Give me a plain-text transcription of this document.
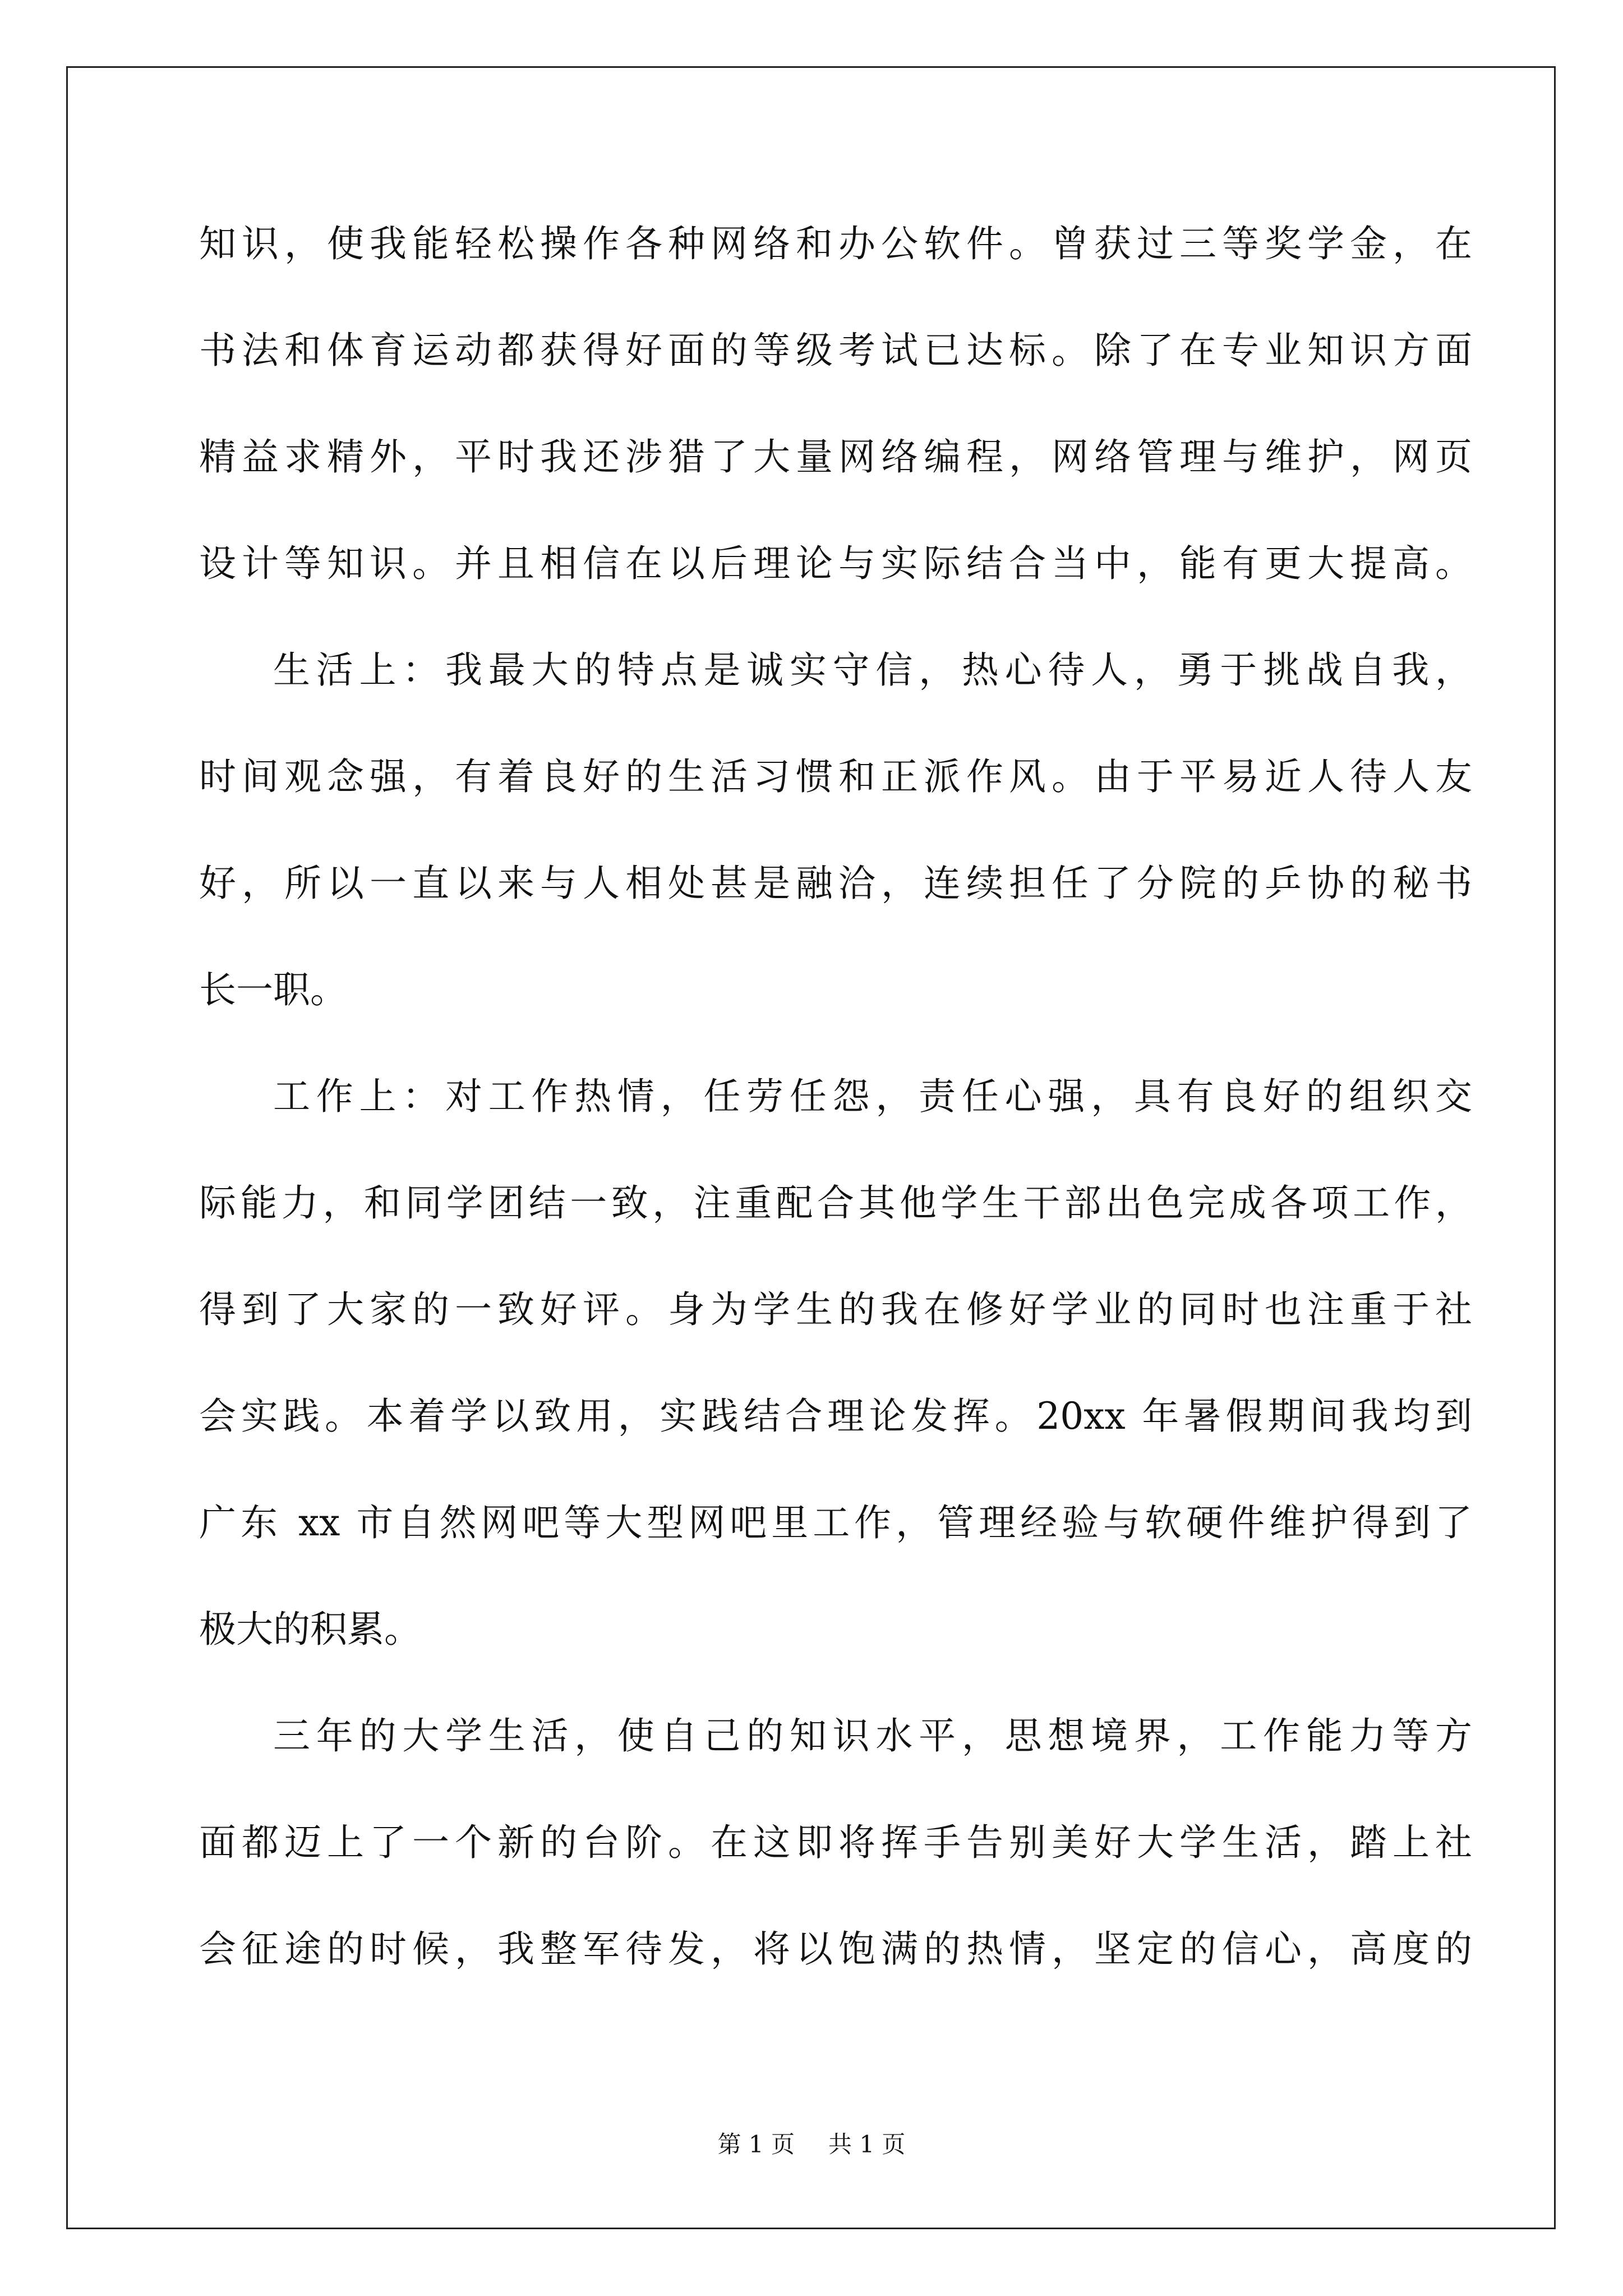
知识，使我能轻松操作各种网络和办公软件。曾获过三等奖学金，在
书法和体育运动都获得好面的等级考试已达标。除了在专业知识方面
精益求精外，平时我还涉猎了大量网络编程，网络管理与维护，网页
设计等知识。并且相信在以后理论与实际结合当中，能有更大提高。
生活上：我最大的特点是诚实守信，热心待人，勇于挑战自我，
时间观念强，有着良好的生活习惯和正派作风。由于平易近人待人友
好，所以一直以来与人相处甚是融洽，连续担任了分院的乒协的秘书
长一职。
工作上：对工作热情，任劳任怨，责任心强，具有良好的组织交
际能力，和同学团结一致，注重配合其他学生干部出色完成各项工作，
得到了大家的一致好评。身为学生的我在修好学业的同时也注重于社
会实践。本着学以致用，实践结合理论发挥。20xx 年暑假期间我均到
广东 xx 市自然网吧等大型网吧里工作，管理经验与软硬件维护得到了
极大的积累。
三年的大学生活，使自己的知识水平，思想境界，工作能力等方
面都迈上了一个新的台阶。在这即将挥手告别美好大学生活，踏上社
会征途的时候，我整军待发，将以饱满的热情，坚定的信心，高度的
第 1 页 共 1 页
